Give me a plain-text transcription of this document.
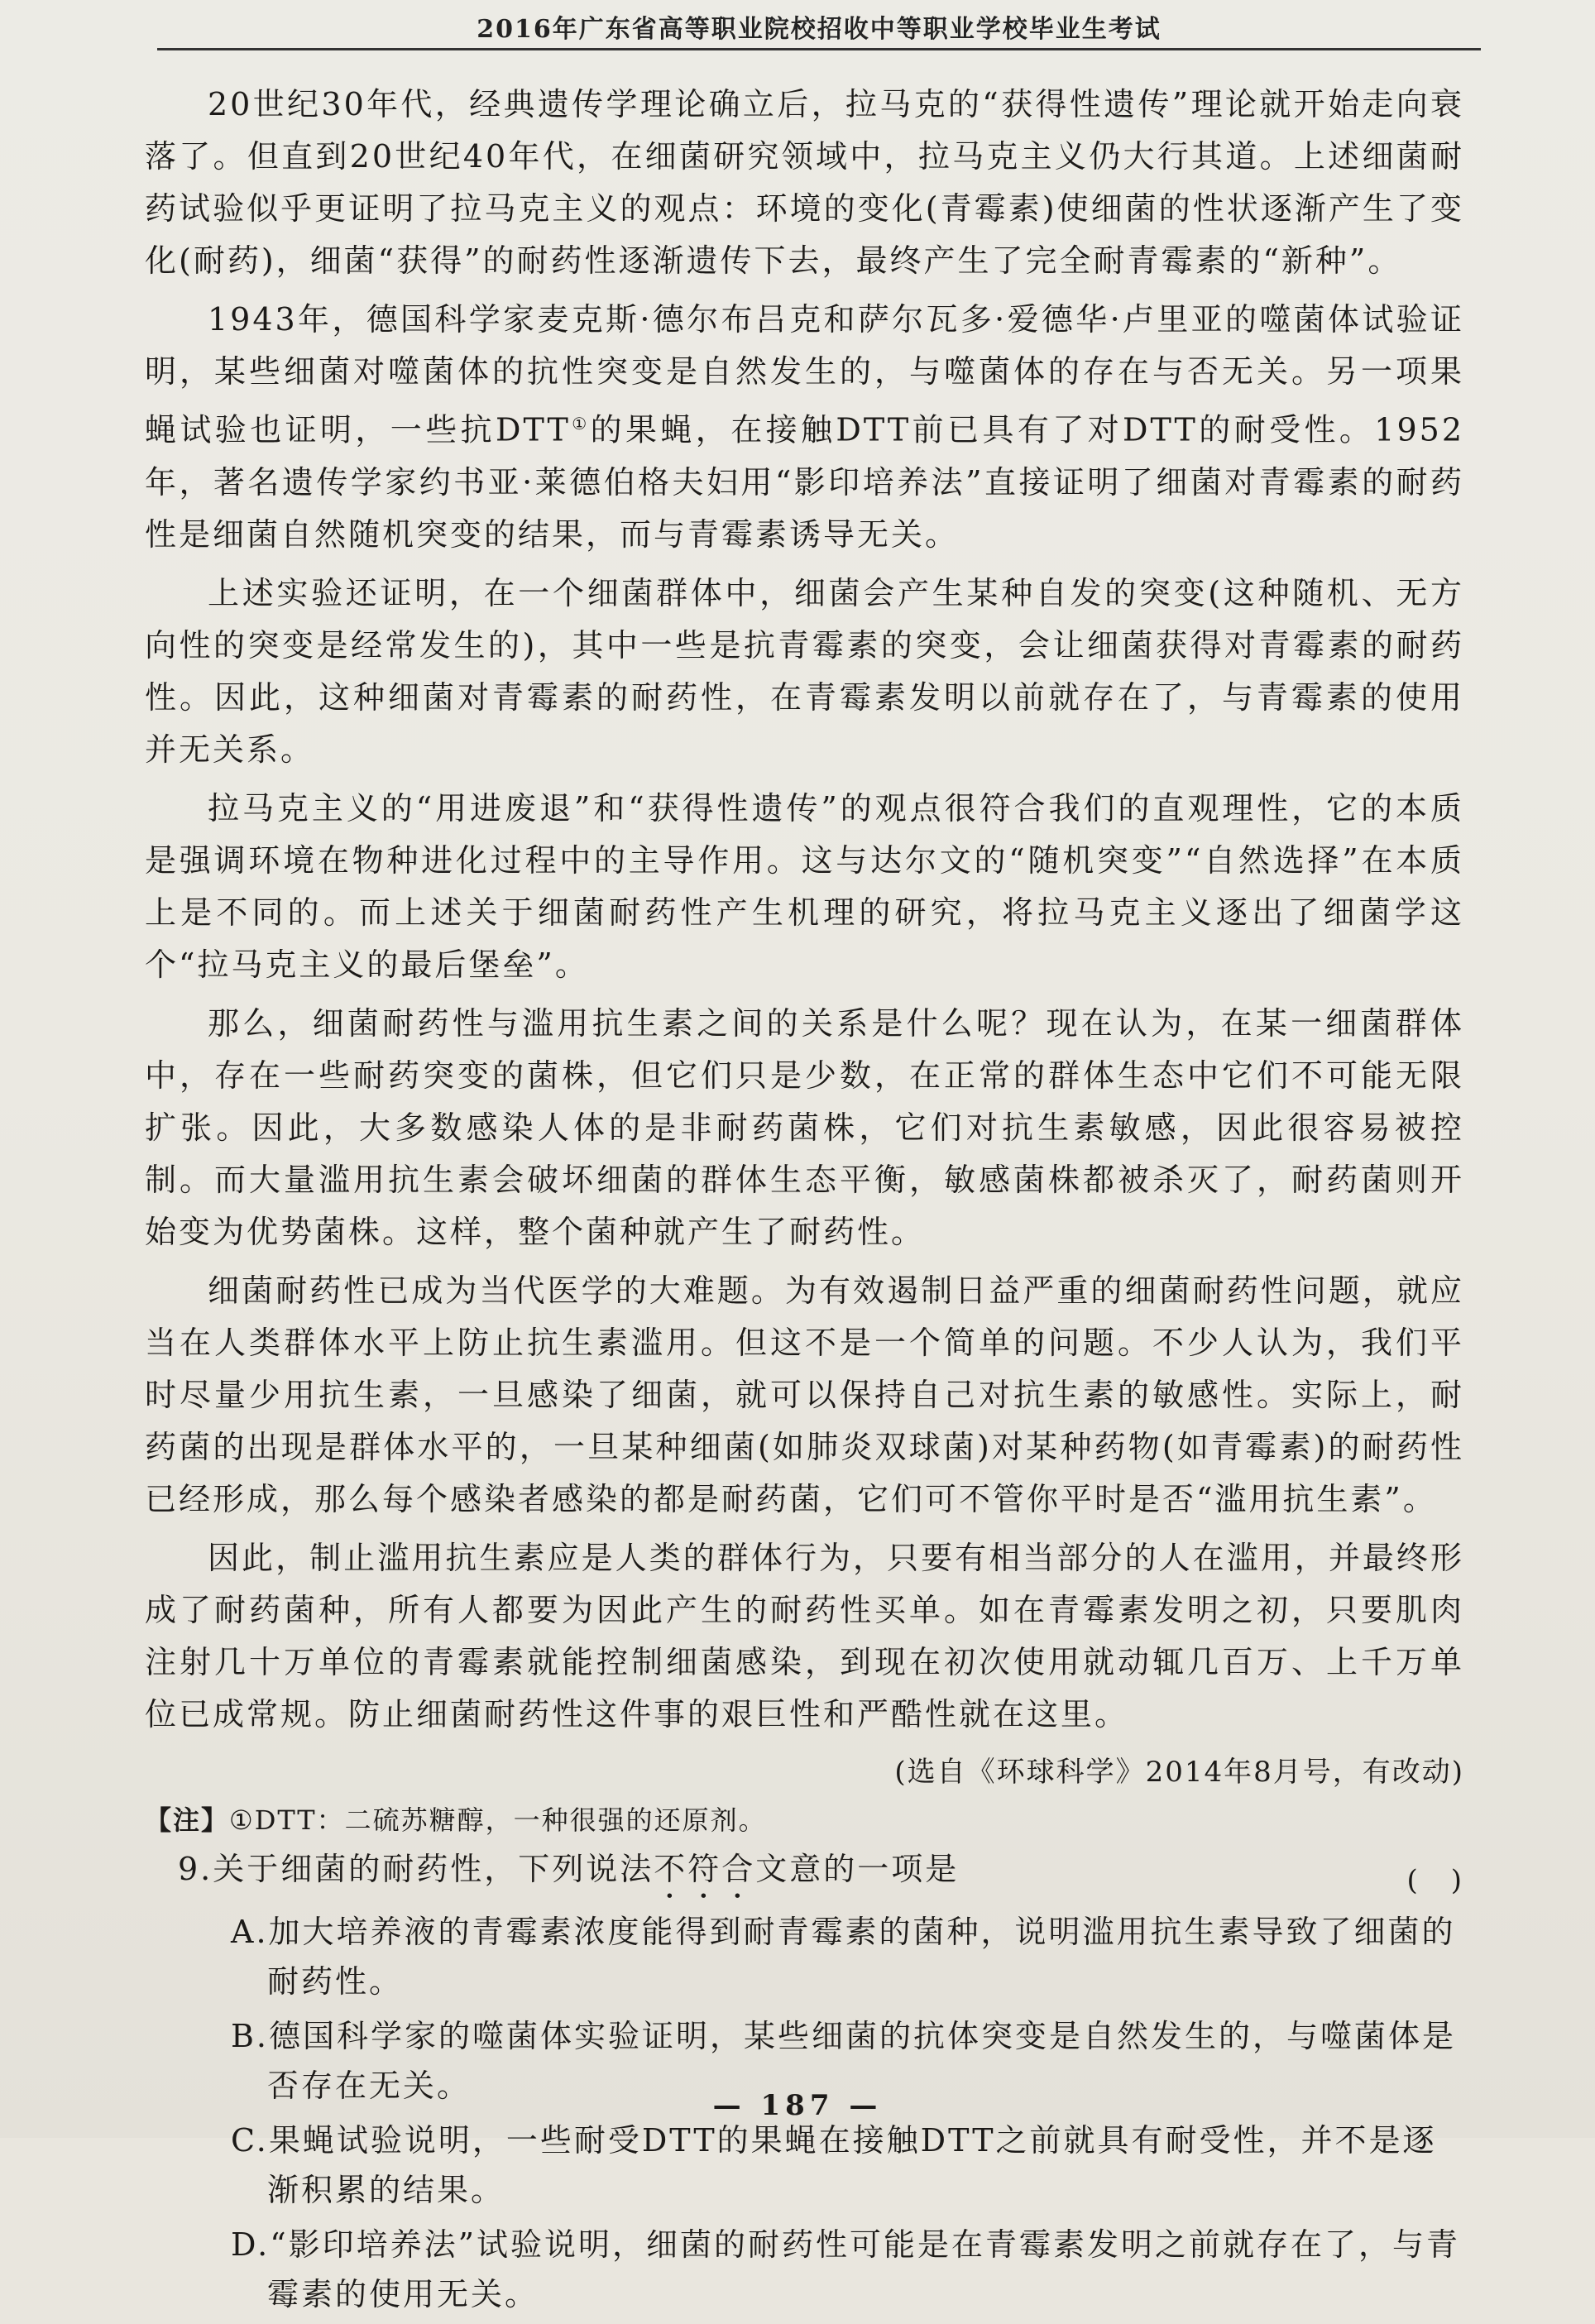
2016年广东省高等职业院校招收中等职业学校毕业生考试

20世纪30年代，经典遗传学理论确立后，拉马克的“获得性遗传”理论就开始走向衰落了。但直到20世纪40年代，在细菌研究领域中，拉马克主义仍大行其道。上述细菌耐药试验似乎更证明了拉马克主义的观点：环境的变化(青霉素)使细菌的性状逐渐产生了变化(耐药)，细菌“获得”的耐药性逐渐遗传下去，最终产生了完全耐青霉素的“新种”。

1943年，德国科学家麦克斯·德尔布吕克和萨尔瓦多·爱德华·卢里亚的噬菌体试验证明，某些细菌对噬菌体的抗性突变是自然发生的，与噬菌体的存在与否无关。另一项果蝇试验也证明，一些抗DTT①的果蝇，在接触DTT前已具有了对DTT的耐受性。1952年，著名遗传学家约书亚·莱德伯格夫妇用“影印培养法”直接证明了细菌对青霉素的耐药性是细菌自然随机突变的结果，而与青霉素诱导无关。

上述实验还证明，在一个细菌群体中，细菌会产生某种自发的突变(这种随机、无方向性的突变是经常发生的)，其中一些是抗青霉素的突变，会让细菌获得对青霉素的耐药性。因此，这种细菌对青霉素的耐药性，在青霉素发明以前就存在了，与青霉素的使用并无关系。

拉马克主义的“用进废退”和“获得性遗传”的观点很符合我们的直观理性，它的本质是强调环境在物种进化过程中的主导作用。这与达尔文的“随机突变”“自然选择”在本质上是不同的。而上述关于细菌耐药性产生机理的研究，将拉马克主义逐出了细菌学这个“拉马克主义的最后堡垒”。

那么，细菌耐药性与滥用抗生素之间的关系是什么呢？现在认为，在某一细菌群体中，存在一些耐药突变的菌株，但它们只是少数，在正常的群体生态中它们不可能无限扩张。因此，大多数感染人体的是非耐药菌株，它们对抗生素敏感，因此很容易被控制。而大量滥用抗生素会破坏细菌的群体生态平衡，敏感菌株都被杀灭了，耐药菌则开始变为优势菌株。这样，整个菌种就产生了耐药性。

细菌耐药性已成为当代医学的大难题。为有效遏制日益严重的细菌耐药性问题，就应当在人类群体水平上防止抗生素滥用。但这不是一个简单的问题。不少人认为，我们平时尽量少用抗生素，一旦感染了细菌，就可以保持自己对抗生素的敏感性。实际上，耐药菌的出现是群体水平的，一旦某种细菌(如肺炎双球菌)对某种药物(如青霉素)的耐药性已经形成，那么每个感染者感染的都是耐药菌，它们可不管你平时是否“滥用抗生素”。

因此，制止滥用抗生素应是人类的群体行为，只要有相当部分的人在滥用，并最终形成了耐药菌种，所有人都要为因此产生的耐药性买单。如在青霉素发明之初，只要肌肉注射几十万单位的青霉素就能控制细菌感染，到现在初次使用就动辄几百万、上千万单位已成常规。防止细菌耐药性这件事的艰巨性和严酷性就在这里。

(选自《环球科学》2014年8月号，有改动)

【注】①DTT：二硫苏糖醇，一种很强的还原剂。

9.关于细菌的耐药性，下列说法不符合文意的一项是	(　)

A.加大培养液的青霉素浓度能得到耐青霉素的菌种，说明滥用抗生素导致了细菌的耐药性。

B.德国科学家的噬菌体实验证明，某些细菌的抗体突变是自然发生的，与噬菌体是否存在无关。

C.果蝇试验说明，一些耐受DTT的果蝇在接触DTT之前就具有耐受性，并不是逐渐积累的结果。

D.“影印培养法”试验说明，细菌的耐药性可能是在青霉素发明之前就存在了，与青霉素的使用无关。

— 187 —
